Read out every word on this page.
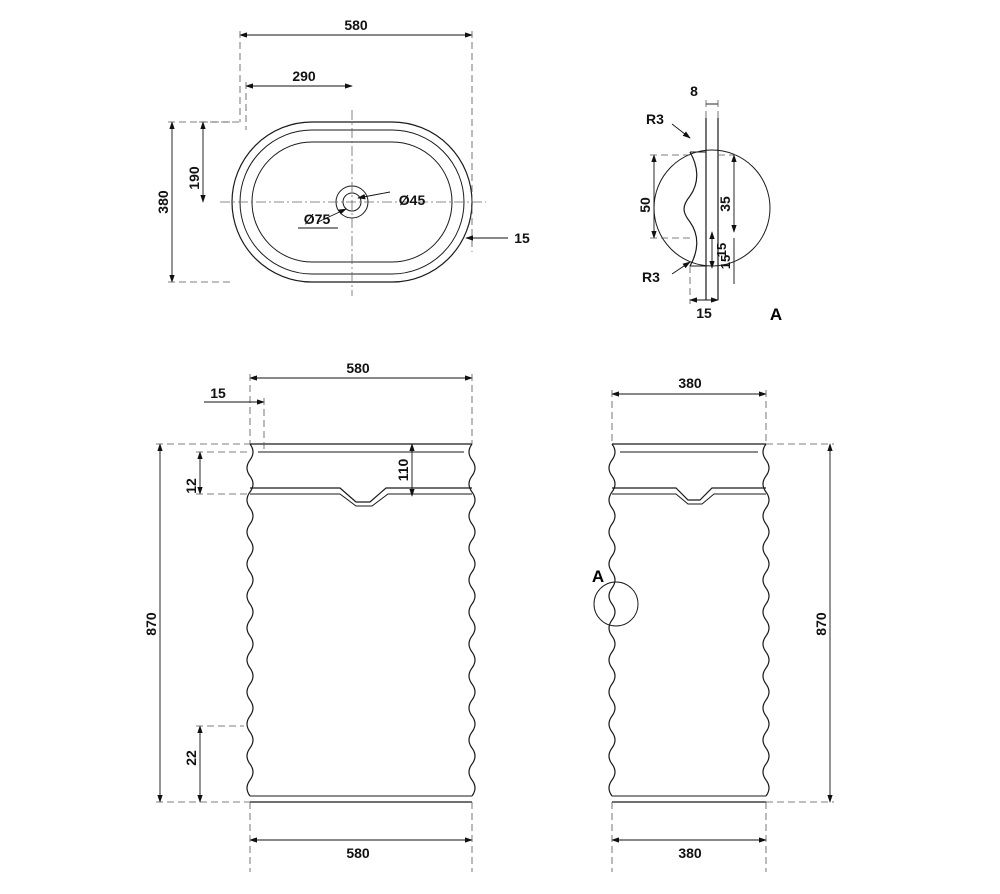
580
290
190
380
15
Ø75
Ø45
8
R3
R3
50	35
15
15
15	A
580
15
110
12
870
22
580
A
380
870
380
